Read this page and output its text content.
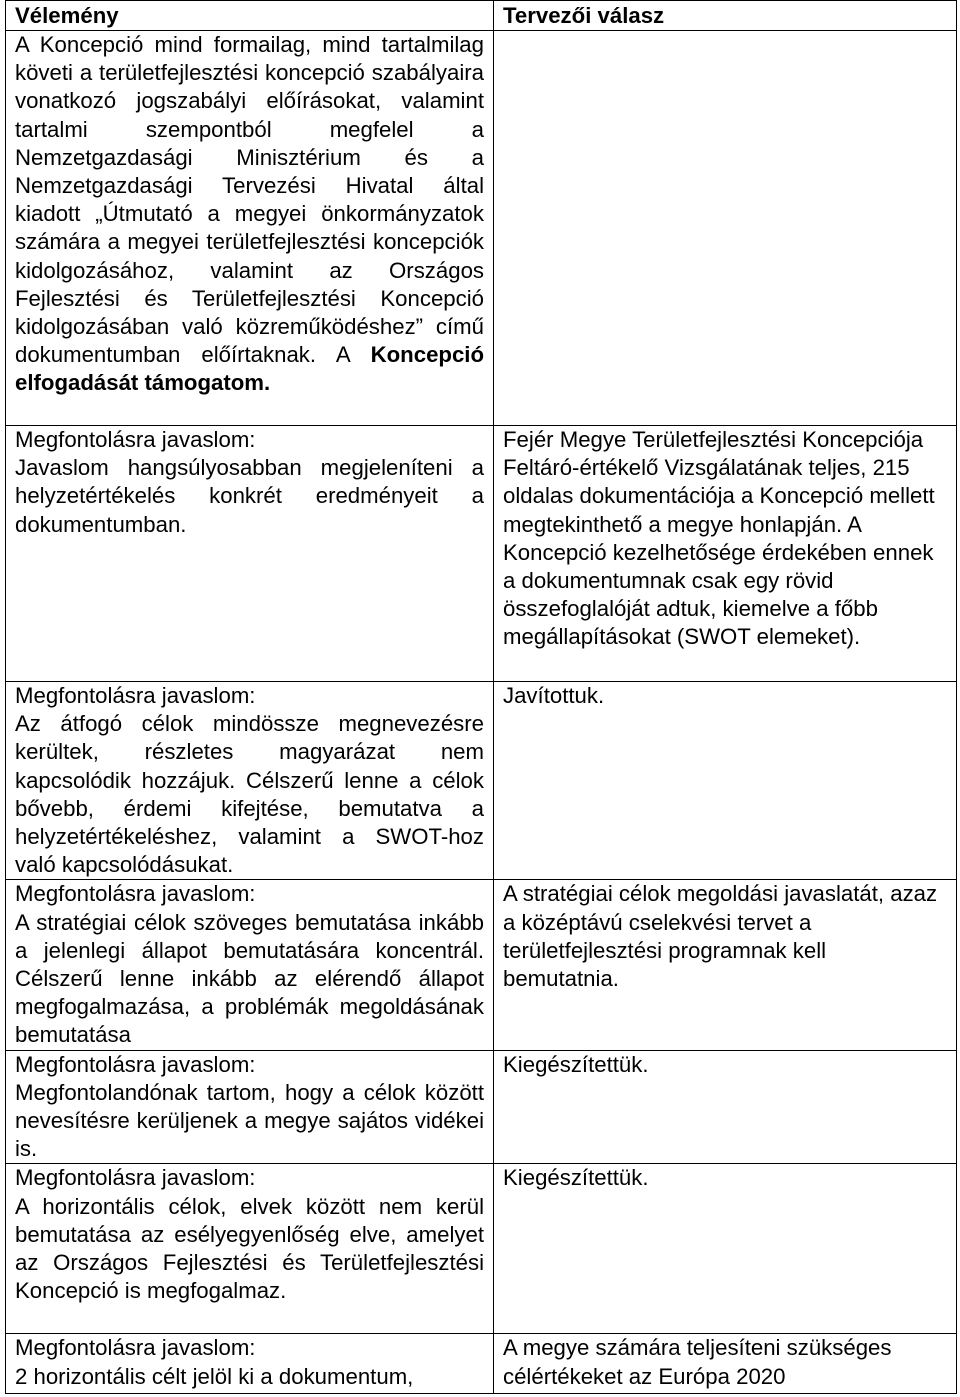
Vélemény	Tervezői válasz
A Koncepció mind formailag, mind tartalmilag követi a területfejlesztési koncepció szabályaira vonatkozó jogszabályi előírásokat, valamint tartalmi szempontból megfelel a Nemzetgazdasági Minisztérium és a Nemzetgazdasági Tervezési Hivatal által kiadott „Útmutató a megyei önkormányzatok számára a megyei területfejlesztési koncepciók kidolgozásához, valamint az Országos Fejlesztési és Területfejlesztési Koncepció kidolgozásában való közreműködéshez” című dokumentumban előírtaknak. A Koncepció elfogadását támogatom.	

Megfontolásra javaslom:
Javaslom hangsúlyosabban megjeleníteni a helyzetértékelés konkrét eredményeit a dokumentumban.	Fejér Megye Területfejlesztési Koncepciója Feltáró-értékelő Vizsgálatának teljes, 215 oldalas dokumentációja a Koncepció mellett megtekinthető a megye honlapján. A Koncepció kezelhetősége érdekében ennek a dokumentumnak csak egy rövid összefoglalóját adtuk, kiemelve a főbb megállapításokat (SWOT elemeket).

Megfontolásra javaslom:
Az átfogó célok mindössze megnevezésre kerültek, részletes magyarázat nem kapcsolódik hozzájuk. Célszerű lenne a célok bővebb, érdemi kifejtése, bemutatva a helyzetértékeléshez, valamint a SWOT-hoz való kapcsolódásukat.	Javítottuk.

Megfontolásra javaslom:
A stratégiai célok szöveges bemutatása inkább a jelenlegi állapot bemutatására koncentrál. Célszerű lenne inkább az elérendő állapot megfogalmazása, a problémák megoldásának bemutatása	A stratégiai célok megoldási javaslatát, azaz a középtávú cselekvési tervet a területfejlesztési programnak kell bemutatnia.

Megfontolásra javaslom:
Megfontolandónak tartom, hogy a célok között nevesítésre kerüljenek a megye sajátos vidékei is.	Kiegészítettük.

Megfontolásra javaslom:
A horizontális célok, elvek között nem kerül bemutatása az esélyegyenlőség elve, amelyet az Országos Fejlesztési és Területfejlesztési Koncepció is megfogalmaz.	Kiegészítettük.

Megfontolásra javaslom:
2 horizontális célt jelöl ki a dokumentum,	A megye számára teljesíteni szükséges célértékeket az Európa 2020
